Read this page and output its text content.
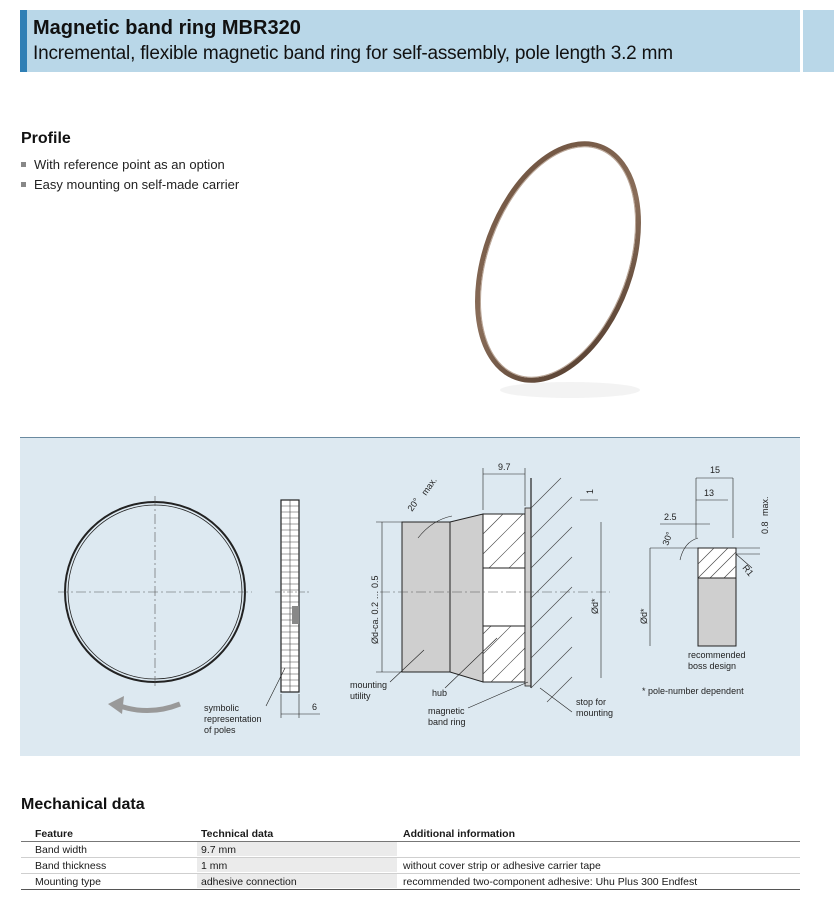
Magnetic band ring MBR320
Incremental, flexible magnetic band ring for self-assembly, pole length 3.2 mm
Profile
With reference point as an option
Easy mounting on self-made carrier
6
symbolic
representation
of poles
9.7
1
20°
max.
Ød-ca. 0.2 … 0.5	Ød*
mounting
utility	hub
magnetic
band ring
stop for
mounting
15
13
2.5
30°
0.8
max.
R1
Ød*
recommended
boss design
* pole-number dependent
Mechanical data
Feature	Technical data	Additional information
Band width	9.7 mm
Band thickness	1 mm	without cover strip or adhesive carrier tape
Mounting type	adhesive connection	recommended two-component adhesive: Uhu Plus 300 Endfest
